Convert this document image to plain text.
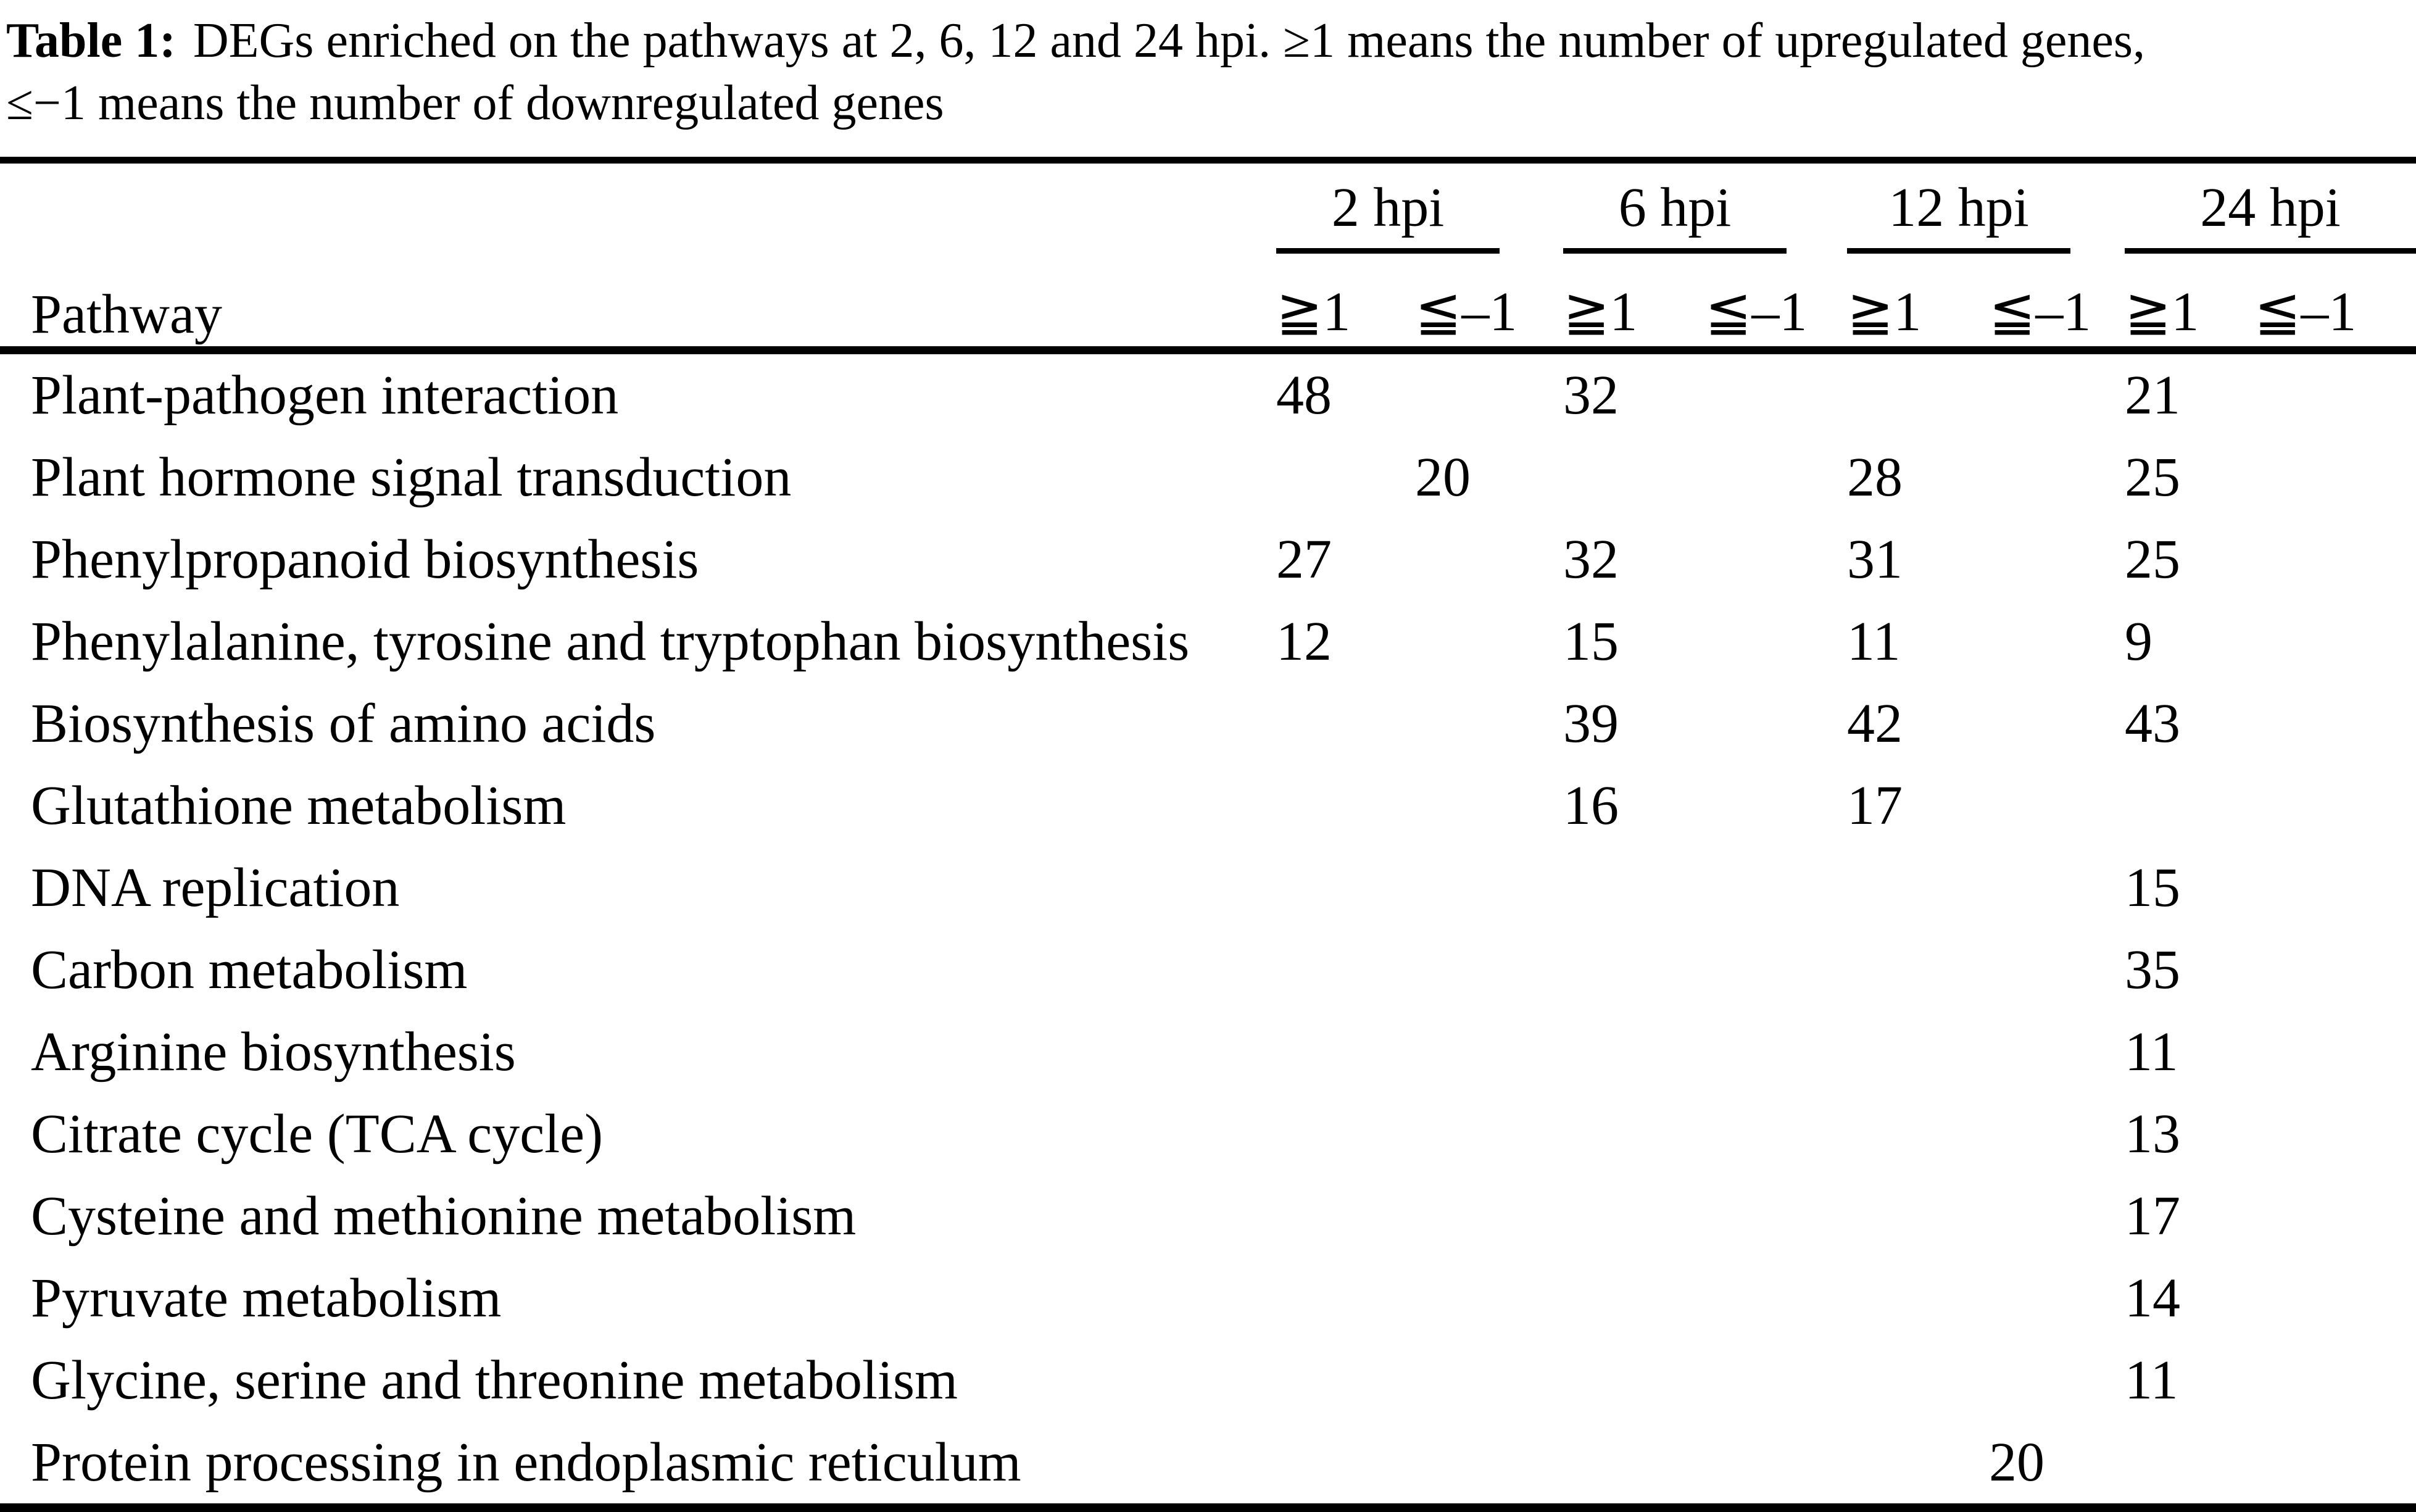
Table 1: DEGs enriched on the pathways at 2, 6, 12 and 24 hpi. ≥1 means the number of upregulated genes,
≤−1 means the number of downregulated genes
Pathway	2 hpi		6 hpi		12 hpi		24 hpi	

	≧1	≦–1	≧1	≦–1	≧1	≦–1	≧1	≦–1
Plant-pathogen interaction	48		32				21	
Plant hormone signal transduction		20			28		25	
Phenylpropanoid biosynthesis	27		32		31		25	
Phenylalanine, tyrosine and tryptophan biosynthesis	12		15		11		9	
Biosynthesis of amino acids			39		42		43	
Glutathione metabolism			16		17			
DNA replication							15	
Carbon metabolism							35	
Arginine biosynthesis							11	
Citrate cycle (TCA cycle)							13	
Cysteine and methionine metabolism							17	
Pyruvate metabolism							14	
Glycine, serine and threonine metabolism							11	
Protein processing in endoplasmic reticulum						20		
